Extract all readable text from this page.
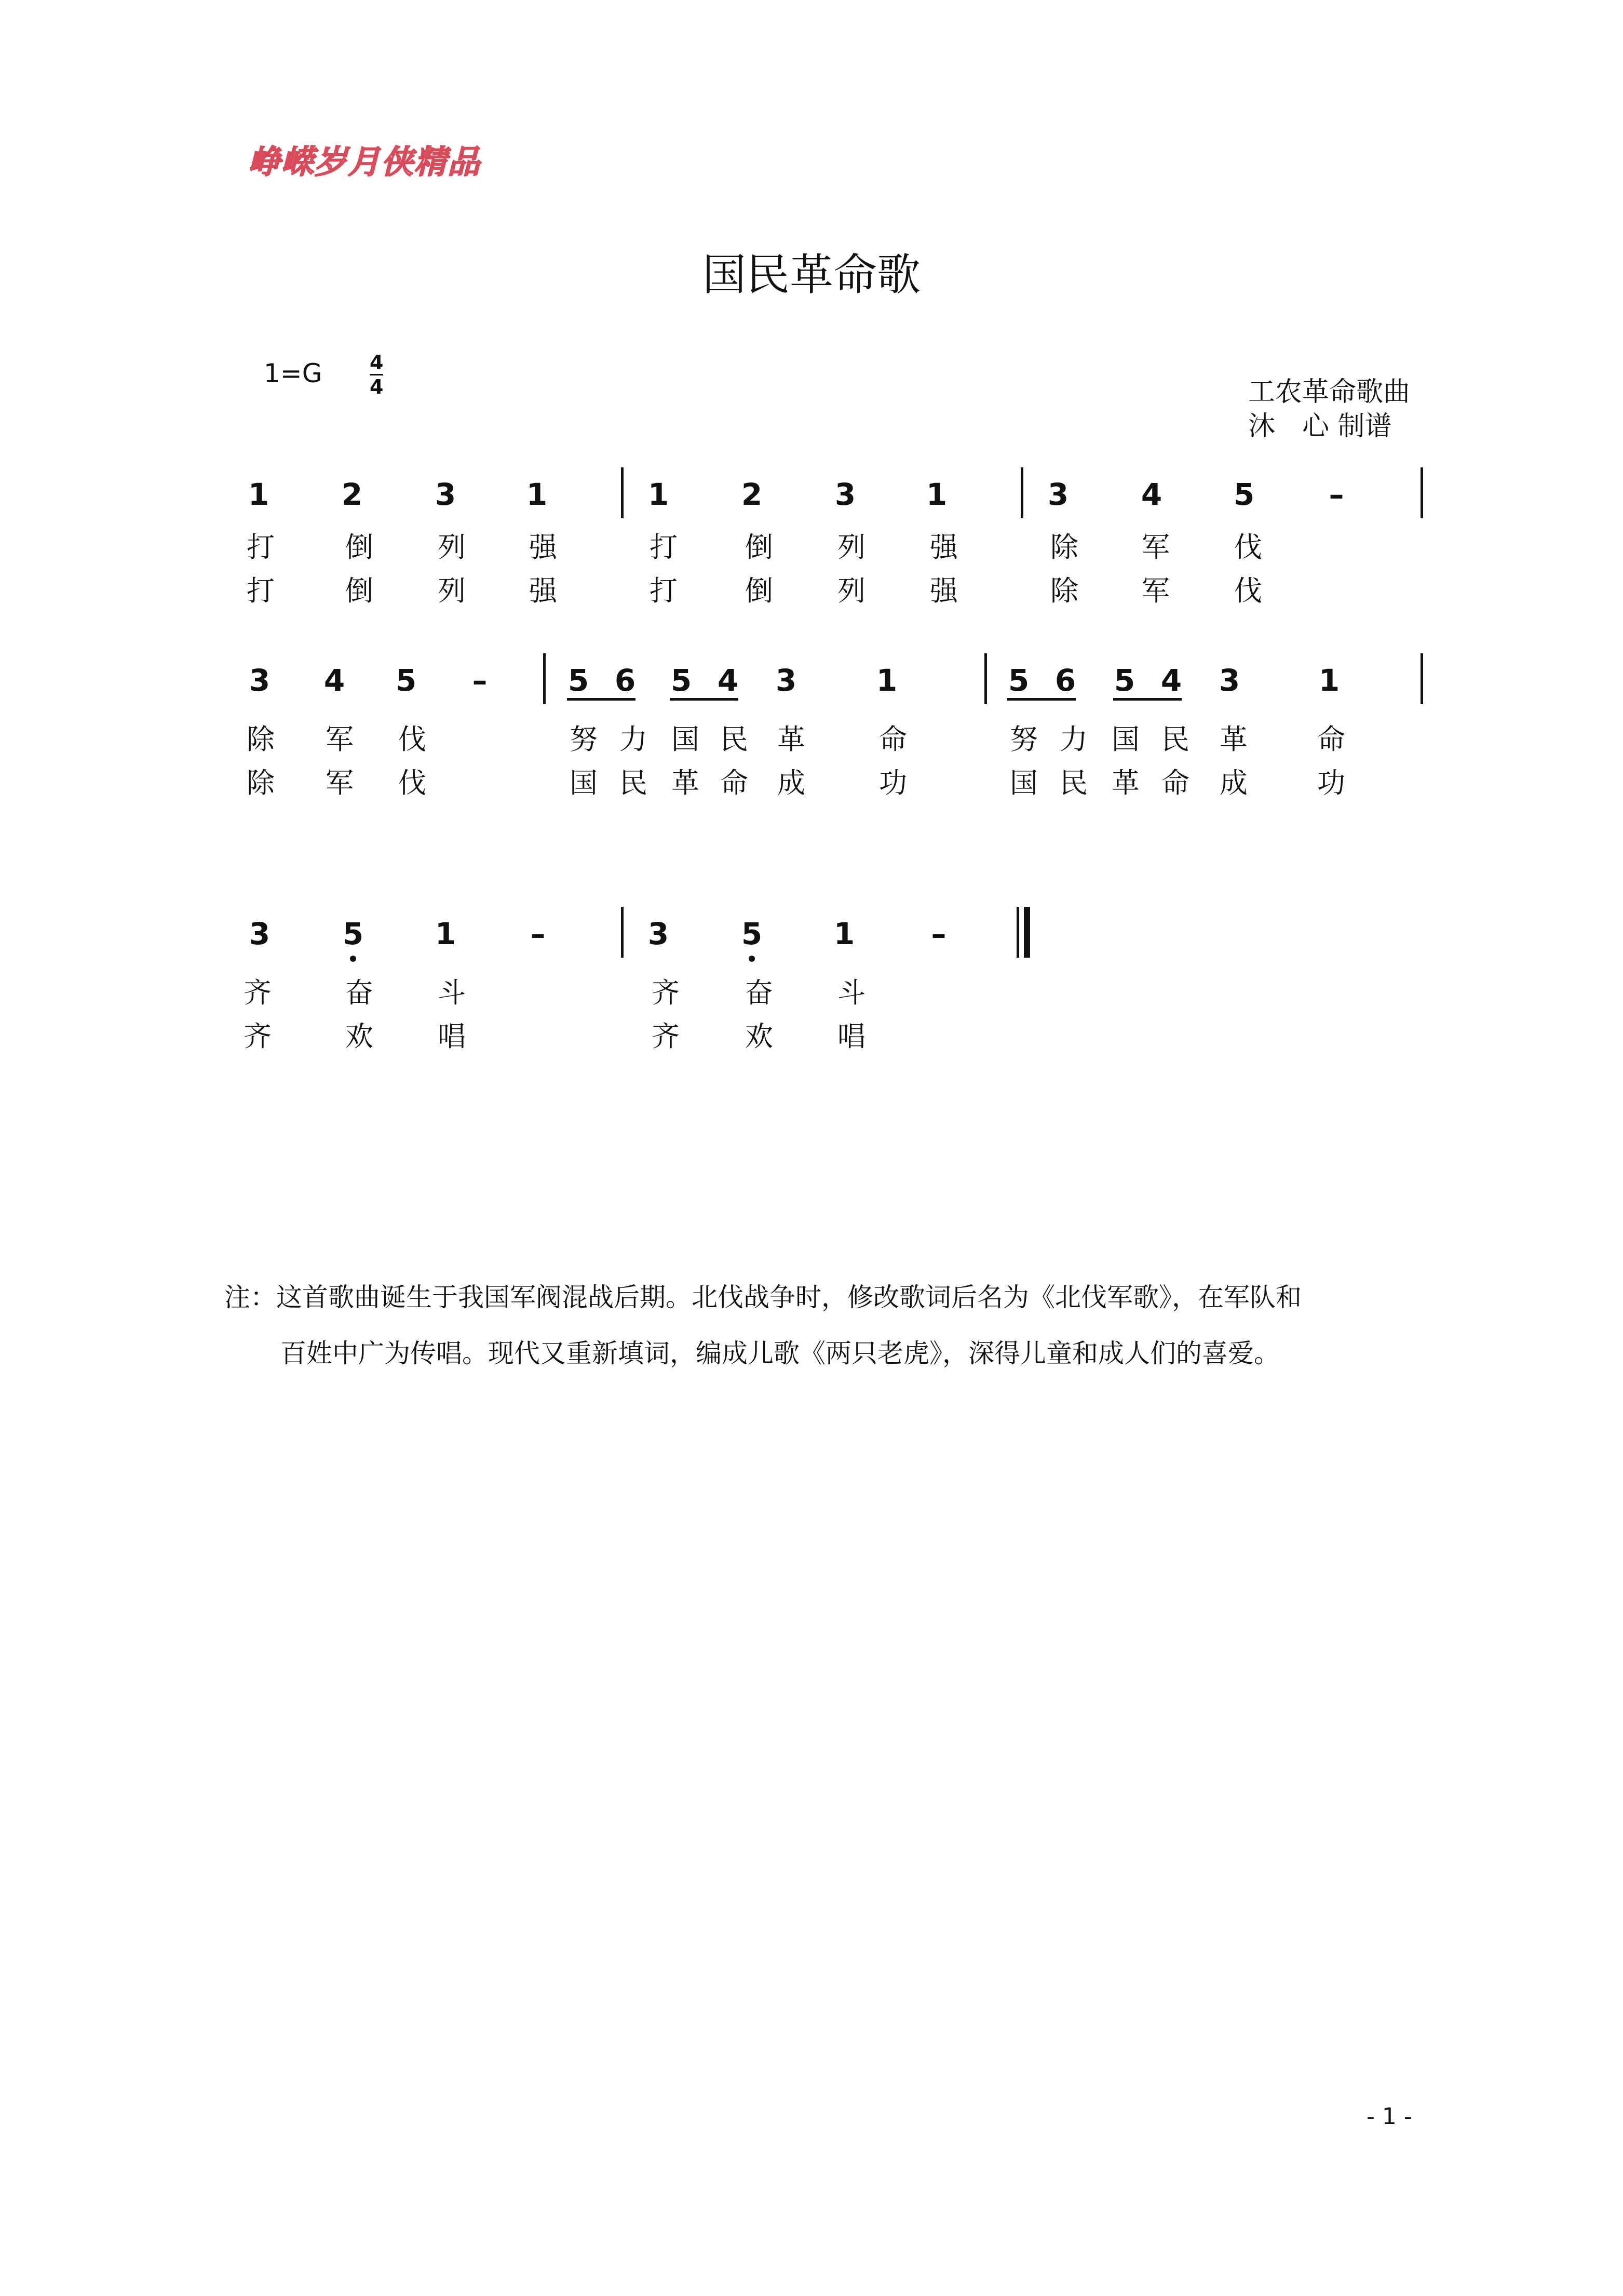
峥嵘岁月侠精品
国民革命歌
1=G 4
4	工农革命歌曲
沐　心 制谱
1 2 3 1	1 2 3 1	3 4 5 –
打	倒 列 强	打 倒 列 强	除 军 伐
打	倒 列 强	打 倒 列 强	除 军 伐
3 4 5 –	5 6 5 4 3	1	5 6 5 4 3	1
除 军 伐	努 力 国 民 革	命	努 力 国 民 革 命
除 军 伐	国 民 革 命 成	功	国 民 革 命 成 功
3 5 1 –	3 5 1	–
齐	奋 斗	齐 奋 斗
齐	欢 唱	齐 欢 唱
注：这首歌曲诞生于我国军阀混战后期。北伐战争时，修改歌词后名为《北伐军歌》，在军队和
百姓中广为传唱。现代又重新填词，编成儿歌《两只老虎》，深得儿童和成人们的喜爱。
- 1 -
